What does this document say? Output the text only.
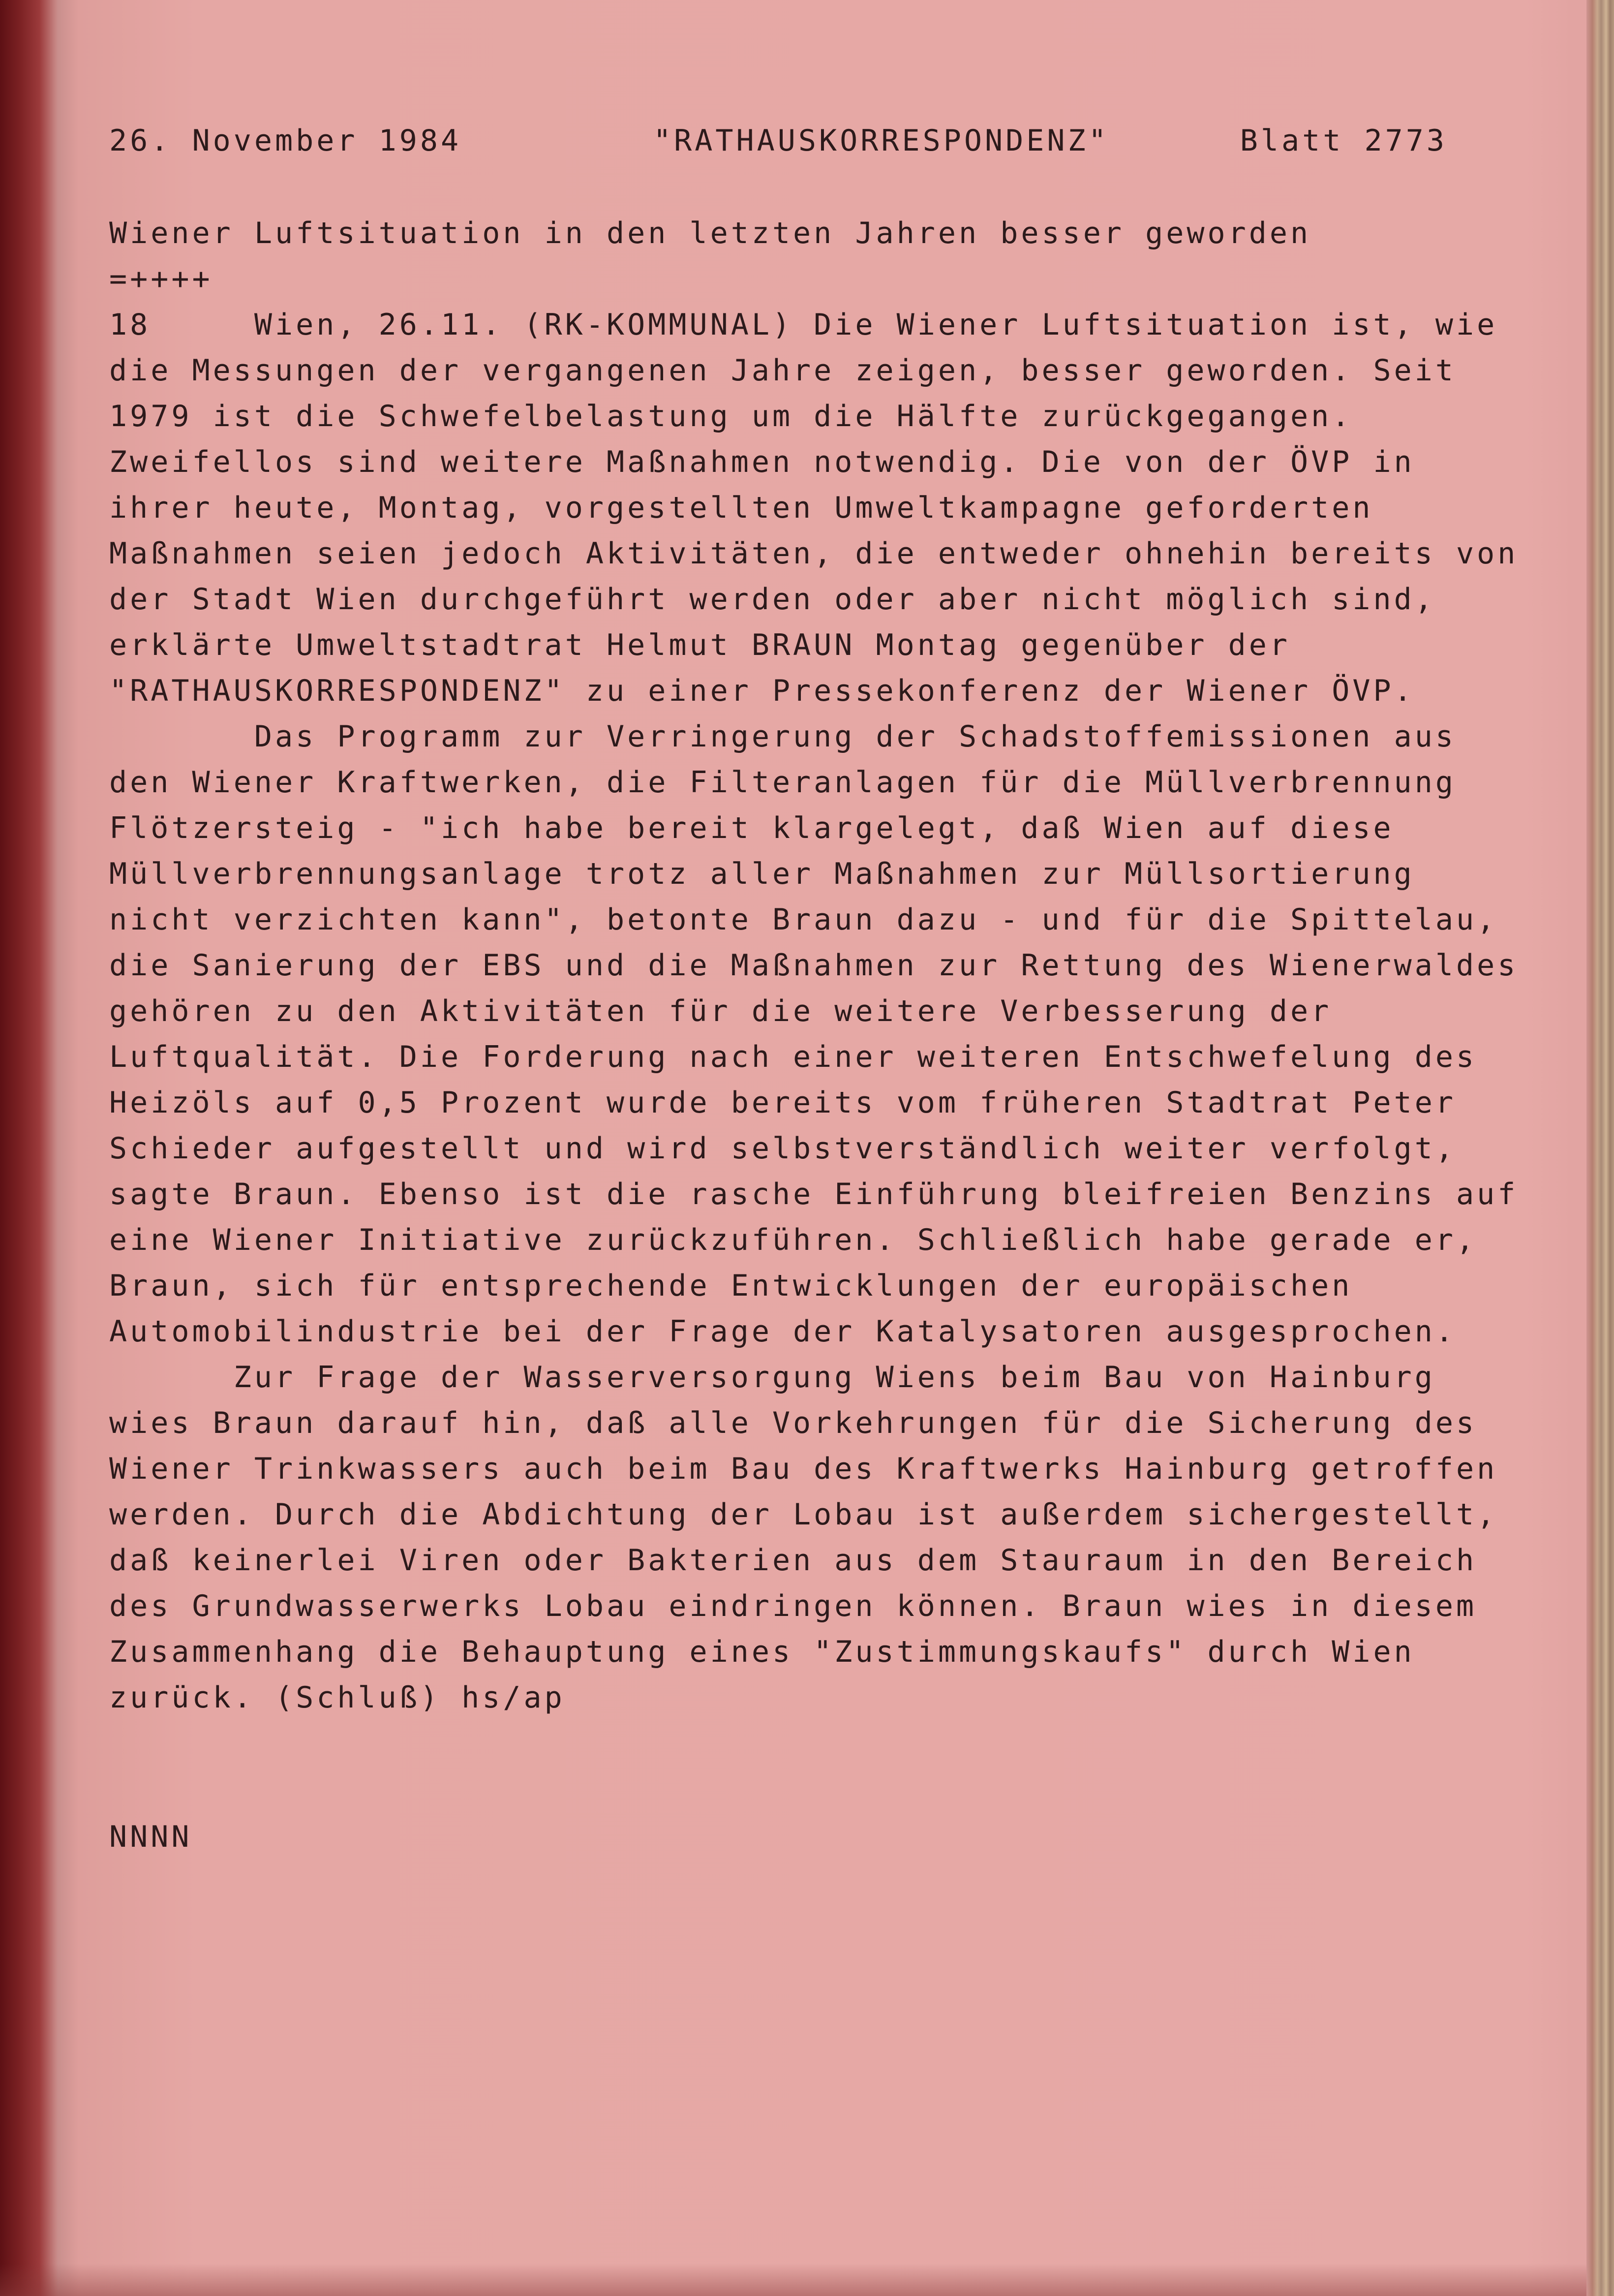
26. November 1984	"RATHAUSKORRESPONDENZ"	Blatt 2773
Wiener Luftsituation in den letzten Jahren besser geworden
=++++

18     Wien, 26.11. (RK-KOMMUNAL) Die Wiener Luftsituation ist, wie

die Messungen der vergangenen Jahre zeigen, besser geworden. Seit

1979 ist die Schwefelbelastung um die Hälfte zurückgegangen.

Zweifellos sind weitere Maßnahmen notwendig. Die von der ÖVP in

ihrer heute, Montag, vorgestellten Umweltkampagne geforderten

Maßnahmen seien jedoch Aktivitäten, die entweder ohnehin bereits von

der Stadt Wien durchgeführt werden oder aber nicht möglich sind,

erklärte Umweltstadtrat Helmut BRAUN Montag gegenüber der

"RATHAUSKORRESPONDENZ" zu einer Pressekonferenz der Wiener ÖVP.

Das Programm zur Verringerung der Schadstoffemissionen aus

den Wiener Kraftwerken, die Filteranlagen für die Müllverbrennung

Flötzersteig - "ich habe bereit klargelegt, daß Wien auf diese

Müllverbrennungsanlage trotz aller Maßnahmen zur Müllsortierung

nicht verzichten kann", betonte Braun dazu - und für die Spittelau,

die Sanierung der EBS und die Maßnahmen zur Rettung des Wienerwaldes

gehören zu den Aktivitäten für die weitere Verbesserung der

Luftqualität. Die Forderung nach einer weiteren Entschwefelung des

Heizöls auf 0,5 Prozent wurde bereits vom früheren Stadtrat Peter

Schieder aufgestellt und wird selbstverständlich weiter verfolgt,

sagte Braun. Ebenso ist die rasche Einführung bleifreien Benzins auf

eine Wiener Initiative zurückzuführen. Schließlich habe gerade er,

Braun, sich für entsprechende Entwicklungen der europäischen

Automobilindustrie bei der Frage der Katalysatoren ausgesprochen.

Zur Frage der Wasserversorgung Wiens beim Bau von Hainburg

wies Braun darauf hin, daß alle Vorkehrungen für die Sicherung des

Wiener Trinkwassers auch beim Bau des Kraftwerks Hainburg getroffen

werden. Durch die Abdichtung der Lobau ist außerdem sichergestellt,

daß keinerlei Viren oder Bakterien aus dem Stauraum in den Bereich

des Grundwasserwerks Lobau eindringen können. Braun wies in diesem

Zusammenhang die Behauptung eines "Zustimmungskaufs" durch Wien

zurück. (Schluß) hs/ap

NNNN
